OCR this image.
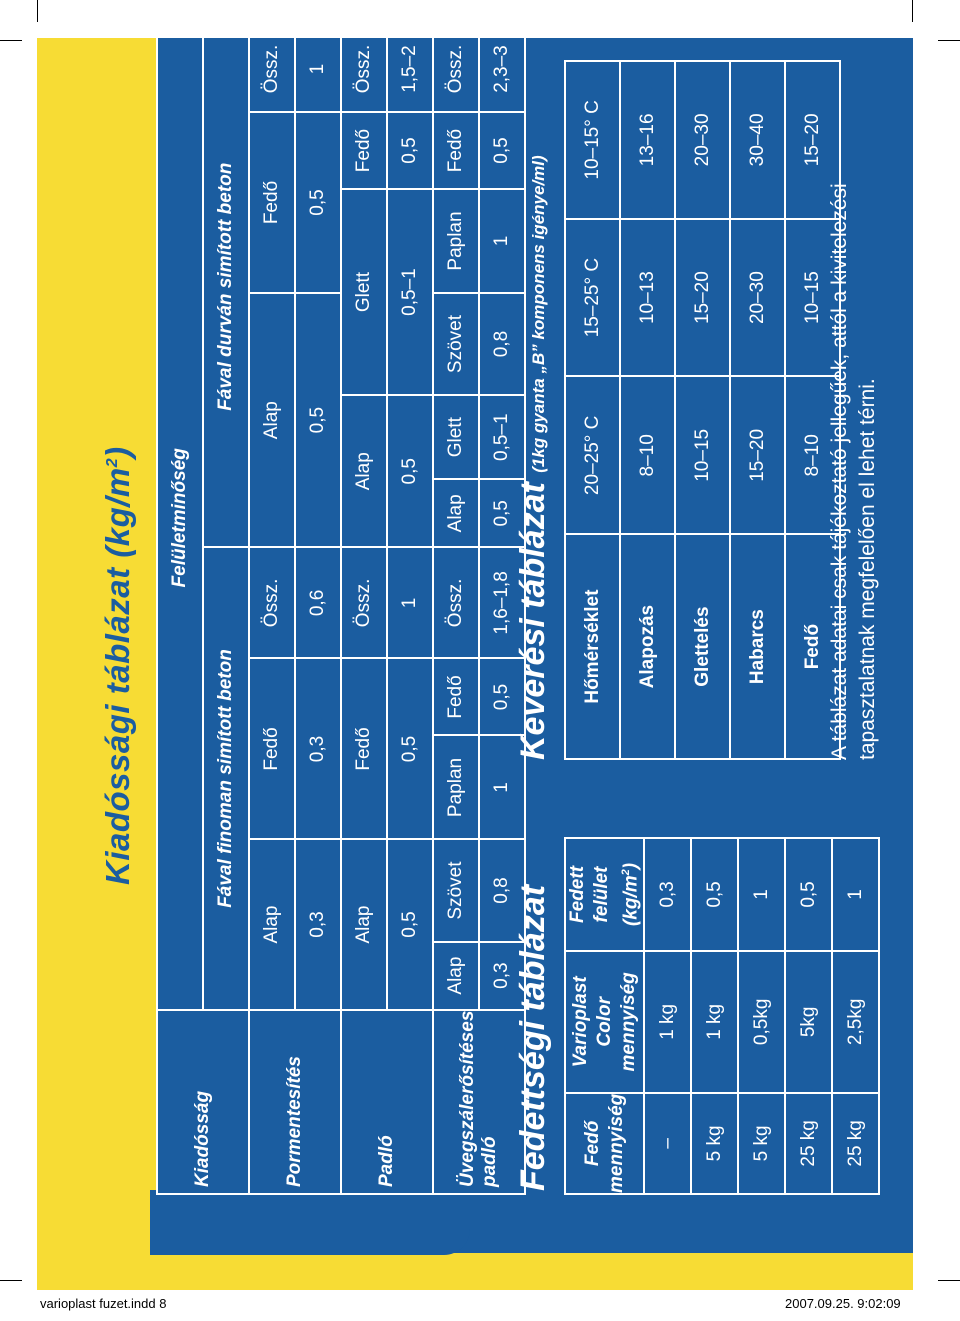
Kiadóssági táblázat $(kg/m^2)$
Kiadósság	Felületminőség										
	Fával finoman simított beton					Fával durván simított beton					
Pormentesítés	Alap		Fedő		Össz.	Alap			Fedő		Össz.
	0,3		0,3		0,6	0,5			0,5		1
Padló	Alap		Fedő		Össz.	Alap		Glett		Fedő	Össz.
	0,5		0,5		1	0,5		0,5–1		0,5	1,5–2
Üvegszálerősítéses
padló	Alap	Szövet	Paplan	Fedő	Össz.	Alap	Glett	Szövet	Paplan	Fedő	Össz.
	0,3	0,8	1	0,5	1,6–1,8	0,5	0,5–1	0,8	1	0,5	2,3–3
Fedettségi táblázat Fedő mennyiség	Varioplast Color mennyiség	Fedett felület $(kg/m^2)$
–	1 kg	0,3
5 kg	1 kg	0,5
5 kg	0,5kg	1
25 kg	5kg	0,5
25 kg	2,5kg	1
Keverési táblázat (1kg gyanta „B” komponens igénye/ml)
Hőmérséklet	20–25° C	15–25° C	10–15° C
Alapozás	8–10	10–13	13–16
Glettelés	10–15	15–20	20–30
Habarcs	15–20	20–30	30–40
Fedő	8–10	10–15	15–20
A táblázat adatai csak tájékoztató jellegűek, attól a kivitelezési tapasztalatnak megfelelően el lehet térni.
varioplast fuzet.indd 8	2007.09.25. 9:02:09
